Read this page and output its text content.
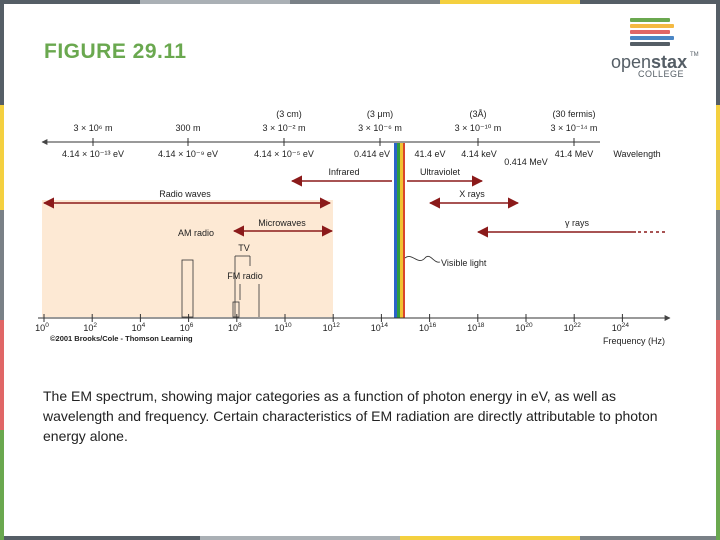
FIGURE 29.11	openstax TM
COLLEGE
(3 cm)	(3 μm)	(3Å)	(30 fermis)
3 × 10⁶ m	300 m	3 × 10⁻² m	3 × 10⁻⁶ m	3 × 10⁻¹⁰ m	3 × 10⁻¹⁴ m
4.14 × 10⁻¹³ eV	4.14 × 10⁻⁹ eV	4.14 × 10⁻⁵ eV	0.414 eV	41.4 eV 4.14 keV	41.4 MeV
0.414 MeV
Wavelength
Infrared	Ultraviolet
Radio waves	X rays
Microwaves	γ rays
AM radio
TV
FM radio
Visible light
$10^0$	$10^2$	$10^4$	$10^6$	$10^8$	$10^{10}$	$10^{12}$	$10^{14}$	$10^{16}$	$10^{18}$	$10^{20}$	$10^{22}$	$10^{24}$
Frequency (Hz)
©2001 Brooks/Cole - Thomson Learning
The EM spectrum, showing major categories as a function of photon energy in eV, as well as wavelength and frequency. Certain characteristics of EM radiation are directly attributable to photon energy alone.
